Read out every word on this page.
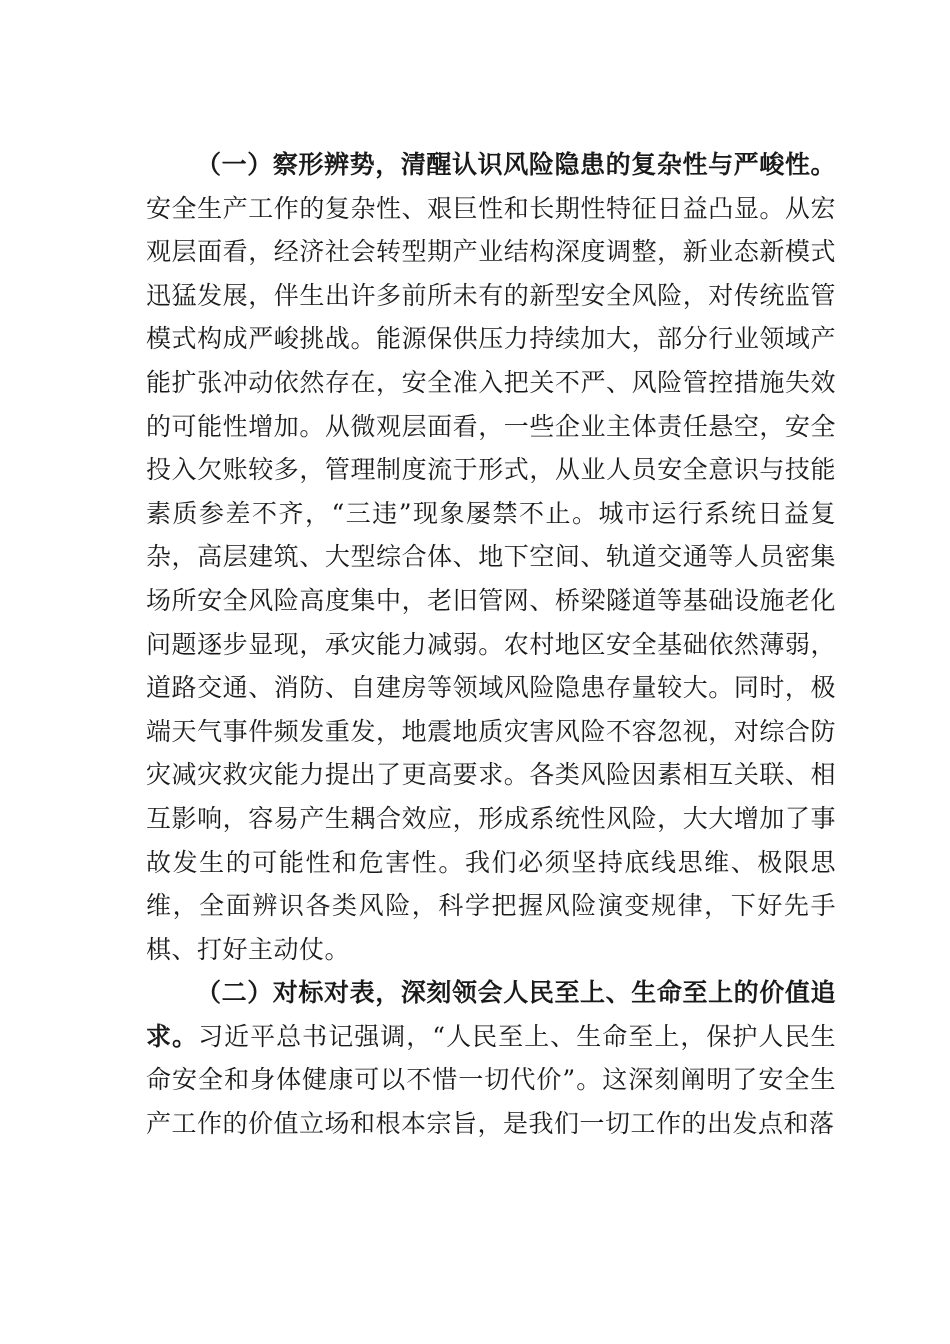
（一）察形辨势，清醒认识风险隐患的复杂性与严峻性。安全生产工作的复杂性、艰巨性和长期性特征日益凸显。从宏观层面看，经济社会转型期产业结构深度调整，新业态新模式迅猛发展，伴生出许多前所未有的新型安全风险，对传统监管模式构成严峻挑战。能源保供压力持续加大，部分行业领域产能扩张冲动依然存在，安全准入把关不严、风险管控措施失效的可能性增加。从微观层面看，一些企业主体责任悬空，安全投入欠账较多，管理制度流于形式，从业人员安全意识与技能素质参差不齐，“三违”现象屡禁不止。城市运行系统日益复杂，高层建筑、大型综合体、地下空间、轨道交通等人员密集场所安全风险高度集中，老旧管网、桥梁隧道等基础设施老化问题逐步显现，承灾能力减弱。农村地区安全基础依然薄弱，道路交通、消防、自建房等领域风险隐患存量较大。同时，极端天气事件频发重发，地震地质灾害风险不容忽视，对综合防灾减灾救灾能力提出了更高要求。各类风险因素相互关联、相互影响，容易产生耦合效应，形成系统性风险，大大增加了事故发生的可能性和危害性。我们必须坚持底线思维、极限思维，全面辨识各类风险，科学把握风险演变规律，下好先手棋、打好主动仗。

（二）对标对表，深刻领会人民至上、生命至上的价值追求。习近平总书记强调，“人民至上、生命至上，保护人民生命安全和身体健康可以不惜一切代价”。这深刻阐明了安全生产工作的价值立场和根本宗旨，是我们一切工作的出发点和落
